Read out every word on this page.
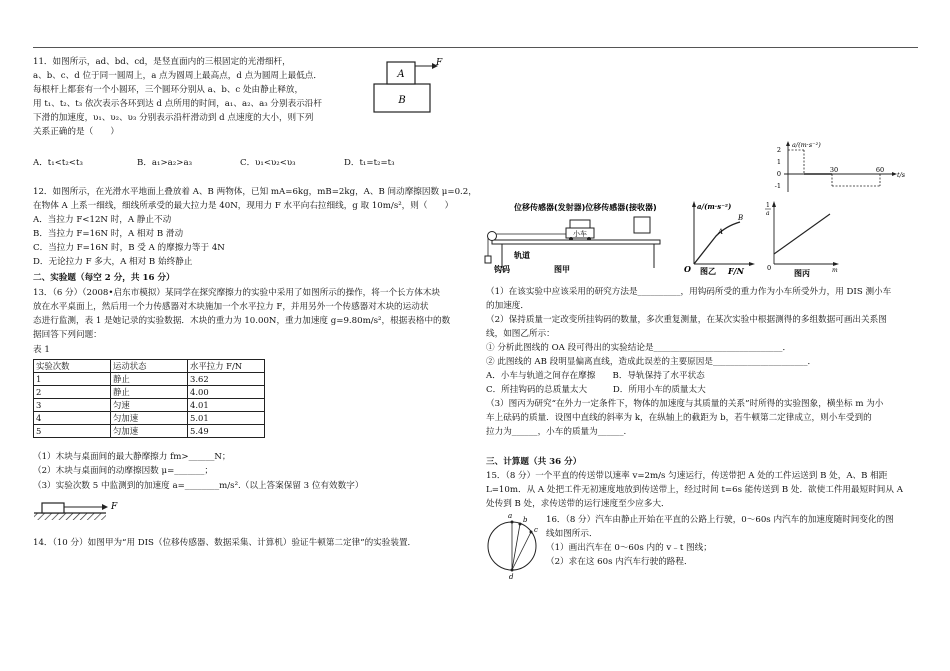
11．如图所示，ad、bd、cd，是竖直面内的三根固定的光滑细杆，

a、b、c、d 位于同一圆周上，a 点为圆周上最高点，d 点为圆周上最低点．

每根杆上都套有一个小圆环，三个圆环分别从 a、b、c 处由静止释放，

用 t₁、t₂、t₃ 依次表示各环到达 d 点所用的时间，a₁、a₂、a₃ 分别表示沿杆

下滑的加速度，υ₁、υ₂、υ₃ 分别表示沿杆滑动到 d 点速度的大小，则下列

关系正确的是（　　）

A．t₁<t₂<t₃	B．a₁>a₂>a₃	C．υ₁<υ₂<υ₃	D．t₁=t₂=t₃

A
B
F

12．如图所示，在光滑水平地面上叠放着 A、B 两物体，已知 mA=6kg，mB=2kg，A、B 间动摩擦因数 μ=0.2，

在物体 A 上系一细线，细线所承受的最大拉力是 40N，现用力 F 水平向右拉细线，g 取 10m/s²，则（　　）

A．当拉力 F<12N 时，A 静止不动

B．当拉力 F=16N 时，A 相对 B 滑动

C．当拉力 F=16N 时，B 受 A 的摩擦力等于 4N

D．无论拉力 F 多大，A 相对 B 始终静止

二、实验题（每空 2 分，共 16 分）

13．（6 分）（2008•启东市模拟）某同学在探究摩擦力的实验中采用了如图所示的操作，将一个长方体木块

放在水平桌面上，然后用一个力传感器对木块施加一个水平拉力 F，并用另外一个传感器对木块的运动状

态进行监测，表 1 是她记录的实验数据．木块的重力为 10.00N，重力加速度 g=9.80m/s²，根据表格中的数

据回答下列问题：

表 1

实验次数	运动状态	水平拉力 F/N
1	静止	3.62
2	静止	4.00
3	匀速	4.01
4	匀加速	5.01
5	匀加速	5.49

（1）木块与桌面间的最大静摩擦力 fm>______N；

（2）木块与桌面间的动摩擦因数 μ=_______；

（3）实验次数 5 中监测到的加速度 a=________m/s².（以上答案保留 3 位有效数字）

F

14．（10 分）如图甲为“用 DIS（位移传感器、数据采集、计算机）验证牛顿第二定律”的实验装置．

a/(m·s⁻²)
2
1
0
-1
30	60
t/s
位移传感器(发射器)位移传感器(接收器)
小车
轨道
钩码	图甲
a/(m·s⁻²)
A
B
O 图乙 F/N
1
a
0	m
图丙

（1）在该实验中应该采用的研究方法是__________，用钩码所受的重力作为小车所受外力，用 DIS 测小车

的加速度．

（2）保持质量一定改变所挂钩码的数量，多次重复测量，在某次实验中根据测得的多组数据可画出关系图

线，如图乙所示：

① 分析此图线的 OA 段可得出的实验结论是______________________________．

② 此图线的 AB 段明显偏离直线，造成此误差的主要原因是______________________．

A．小车与轨道之间存在摩擦　　B．导轨保持了水平状态

C．所挂钩码的总质量太大　　　D．所用小车的质量太大

（3）图丙为研究“在外力一定条件下，物体的加速度与其质量的关系”时所得的实验图象，横坐标 m 为小

车上砝码的质量．设图中直线的斜率为 k，在纵轴上的截距为 b，若牛顿第二定律成立，则小车受到的

拉力为______，小车的质量为______.

三、计算题（共 36 分）

15．（8 分）一个平直的传送带以速率 v=2m/s 匀速运行，传送带把 A 处的工件运送到 B 处，A、B 相距

L=10m．从 A 处把工件无初速度地放到传送带上，经过时间 t=6s 能传送到 B 处．欲使工件用最短时间从 A

处传到 B 处，求传送带的运行速度至少应多大．

a b
c
d

16．（8 分）汽车由静止开始在平直的公路上行驶，0～60s 内汽车的加速度随时间变化的图

线如图所示．

（1）画出汽车在 0～60s 内的 v﹣t 图线；

（2）求在这 60s 内汽车行驶的路程．
